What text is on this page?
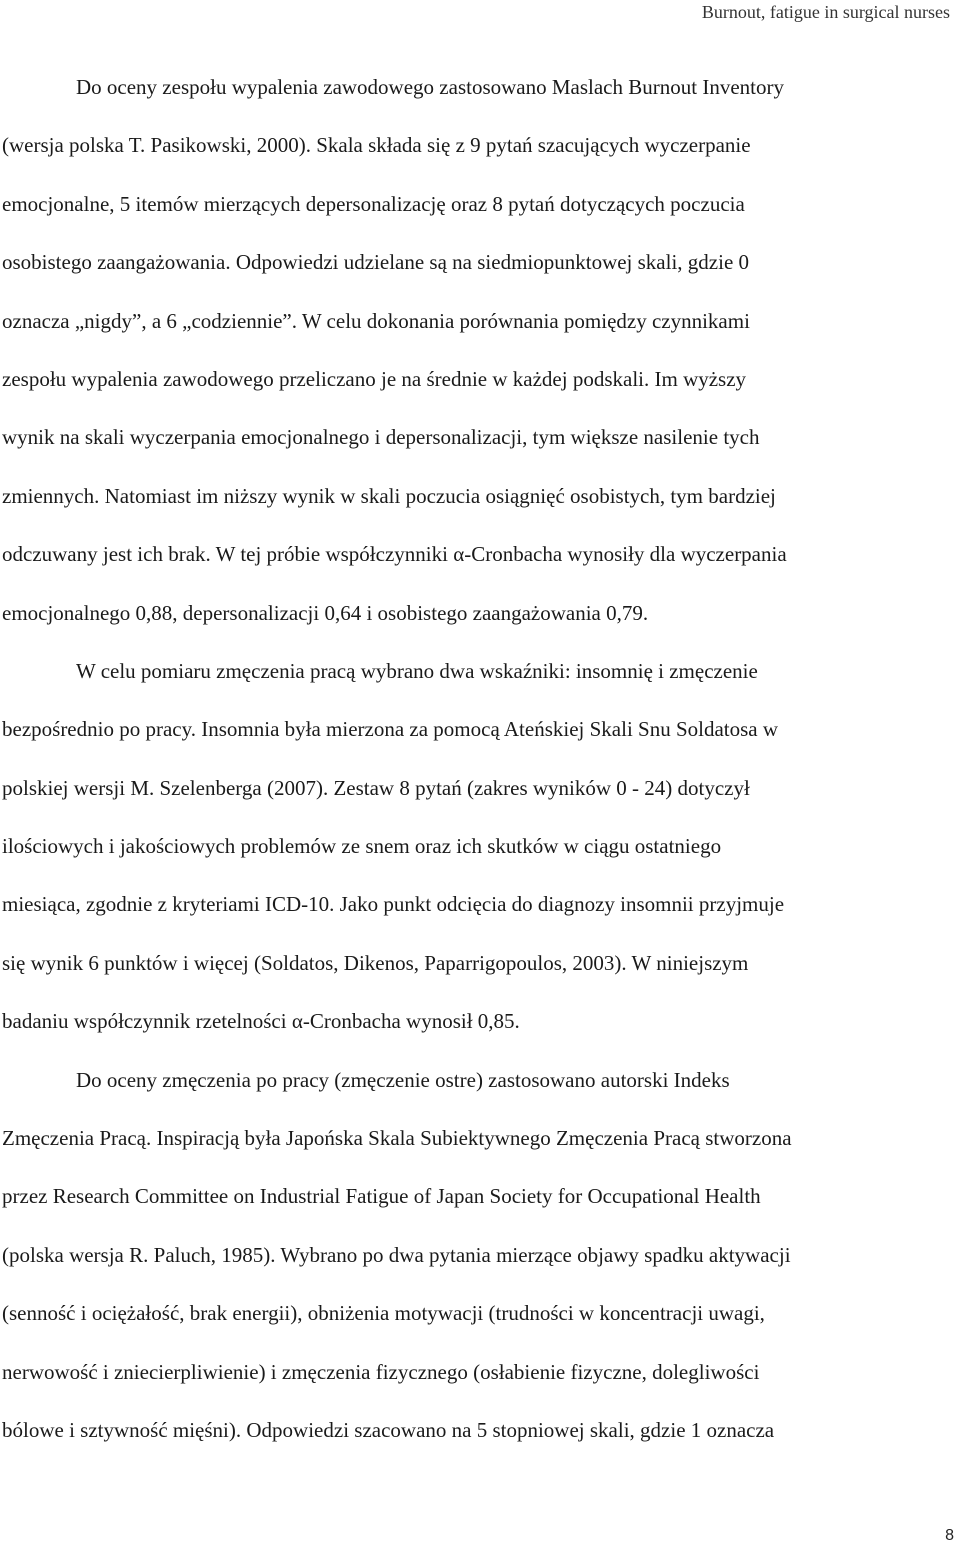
Burnout, fatigue in surgical nurses
Do oceny zespołu wypalenia zawodowego zastosowano Maslach Burnout Inventory
(wersja polska T. Pasikowski, 2000). Skala składa się z 9 pytań szacujących wyczerpanie
emocjonalne, 5 itemów mierzących depersonalizację oraz 8 pytań dotyczących poczucia
osobistego zaangażowania. Odpowiedzi udzielane są na siedmiopunktowej skali, gdzie 0
oznacza „nigdy”, a 6 „codziennie”. W celu dokonania porównania pomiędzy czynnikami
zespołu wypalenia zawodowego przeliczano je na średnie w każdej podskali. Im wyższy
wynik na skali wyczerpania emocjonalnego i depersonalizacji, tym większe nasilenie tych
zmiennych. Natomiast im niższy wynik w skali poczucia osiągnięć osobistych, tym bardziej
odczuwany jest ich brak. W tej próbie współczynniki α-Cronbacha wynosiły dla wyczerpania
emocjonalnego 0,88, depersonalizacji 0,64 i osobistego zaangażowania 0,79.
W celu pomiaru zmęczenia pracą wybrano dwa wskaźniki: insomnię i zmęczenie
bezpośrednio po pracy. Insomnia była mierzona za pomocą Ateńskiej Skali Snu Soldatosa w
polskiej wersji M. Szelenberga (2007). Zestaw 8 pytań (zakres wyników 0 - 24) dotyczył
ilościowych i jakościowych problemów ze snem oraz ich skutków w ciągu ostatniego
miesiąca, zgodnie z kryteriami ICD-10. Jako punkt odcięcia do diagnozy insomnii przyjmuje
się wynik 6 punktów i więcej (Soldatos, Dikenos, Paparrigopoulos, 2003). W niniejszym
badaniu współczynnik rzetelności α-Cronbacha wynosił 0,85.
Do oceny zmęczenia po pracy (zmęczenie ostre) zastosowano autorski Indeks
Zmęczenia Pracą. Inspiracją była Japońska Skala Subiektywnego Zmęczenia Pracą stworzona
przez Research Committee on Industrial Fatigue of Japan Society for Occupational Health
(polska wersja R. Paluch, 1985). Wybrano po dwa pytania mierzące objawy spadku aktywacji
(senność i ociężałość, brak energii), obniżenia motywacji (trudności w koncentracji uwagi,
nerwowość i zniecierpliwienie) i zmęczenia fizycznego (osłabienie fizyczne, dolegliwości
bólowe i sztywność mięśni). Odpowiedzi szacowano na 5 stopniowej skali, gdzie 1 oznacza
8
